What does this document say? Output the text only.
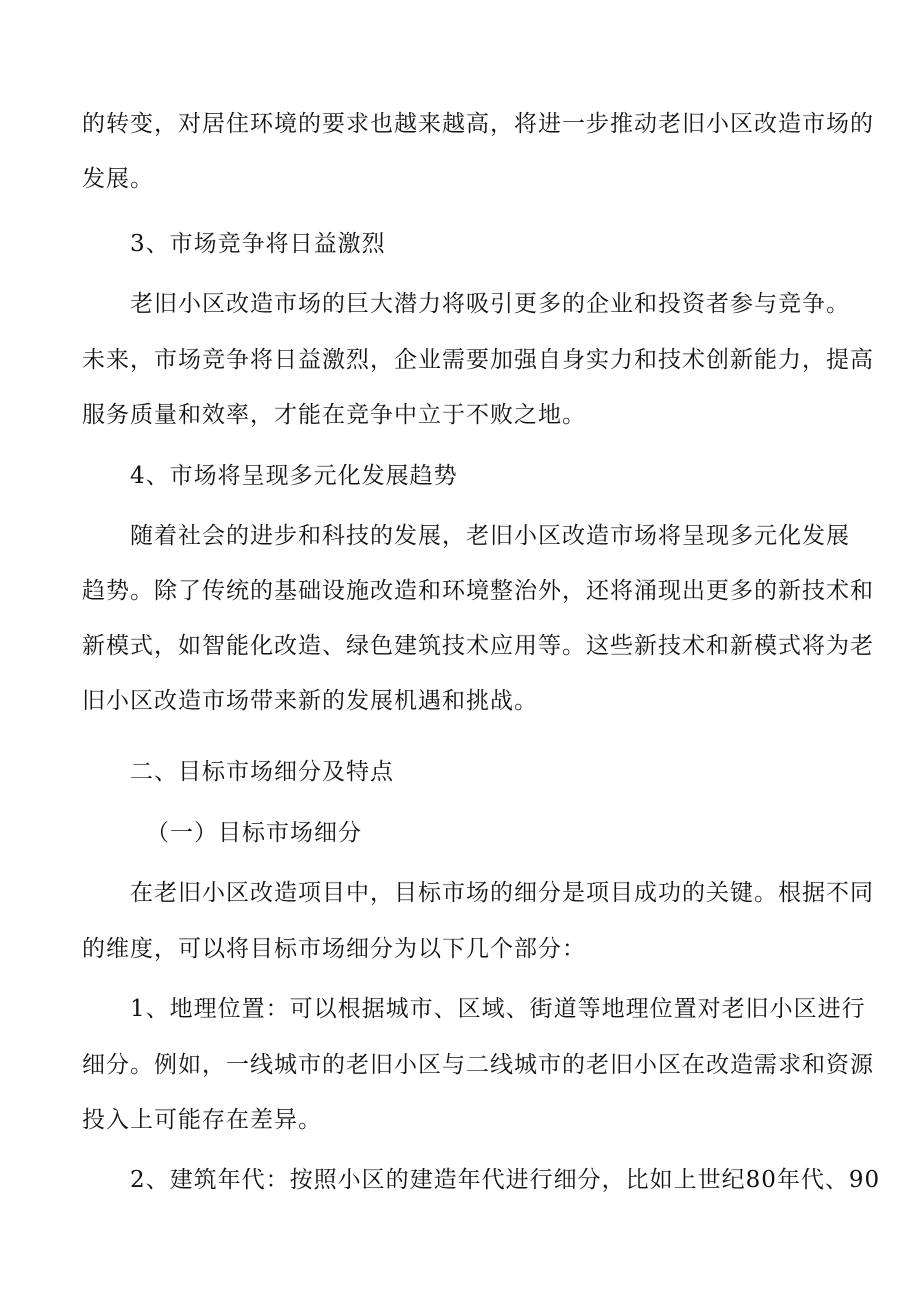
的转变，对居住环境的要求也越来越高，将进一步推动老旧小区改造市场的
发展。
3、市场竞争将日益激烈
老旧小区改造市场的巨大潜力将吸引更多的企业和投资者参与竞争。
未来，市场竞争将日益激烈，企业需要加强自身实力和技术创新能力，提高
服务质量和效率，才能在竞争中立于不败之地。
4、市场将呈现多元化发展趋势
随着社会的进步和科技的发展，老旧小区改造市场将呈现多元化发展
趋势。除了传统的基础设施改造和环境整治外，还将涌现出更多的新技术和
新模式，如智能化改造、绿色建筑技术应用等。这些新技术和新模式将为老
旧小区改造市场带来新的发展机遇和挑战。
二、目标市场细分及特点
（一）目标市场细分
在老旧小区改造项目中，目标市场的细分是项目成功的关键。根据不同
的维度，可以将目标市场细分为以下几个部分：
1、地理位置：可以根据城市、区域、街道等地理位置对老旧小区进行
细分。例如，一线城市的老旧小区与二线城市的老旧小区在改造需求和资源
投入上可能存在差异。
2、建筑年代：按照小区的建造年代进行细分，比如上世纪80年代、90
